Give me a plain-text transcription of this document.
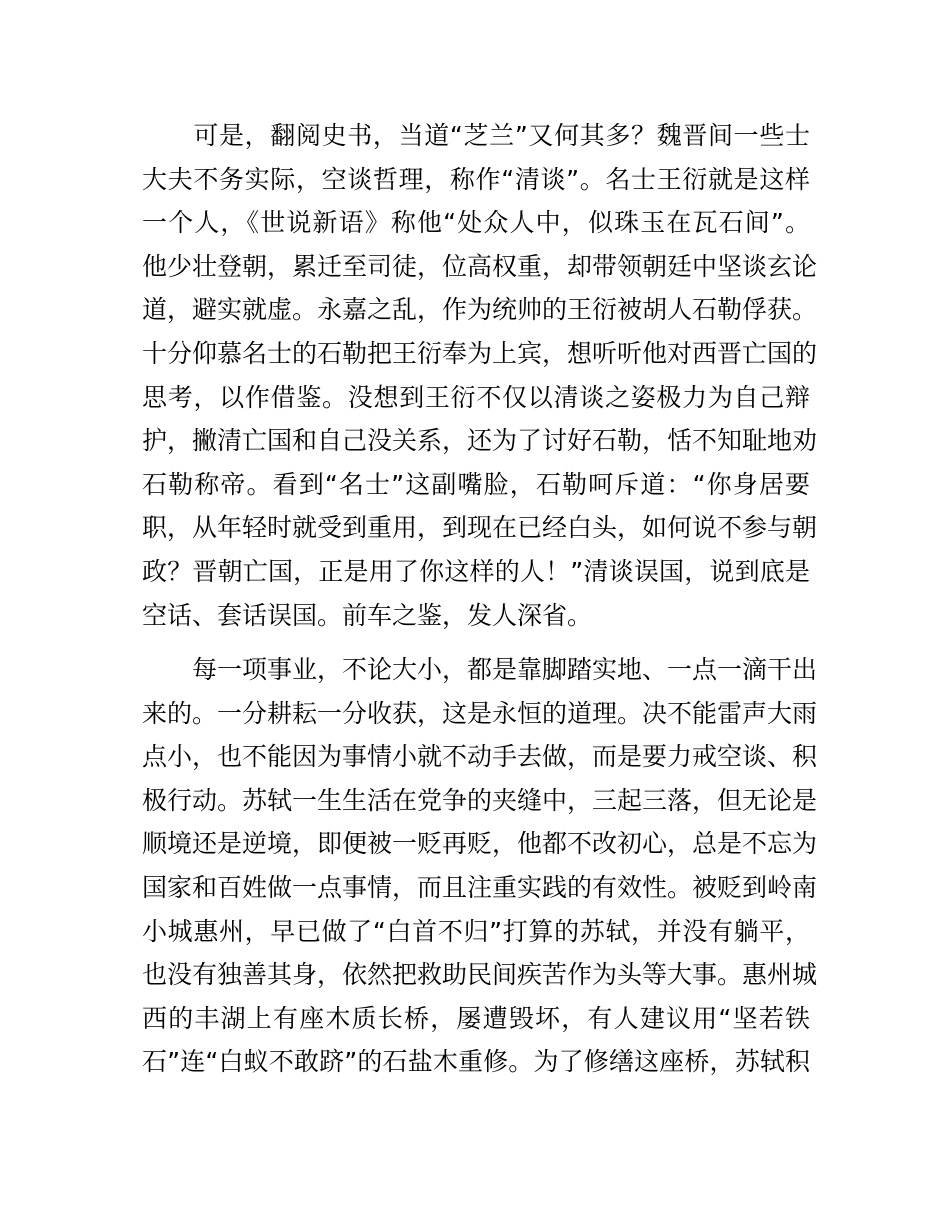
　　可是，翻阅史书，当道“芝兰”又何其多？魏晋间一些士
大夫不务实际，空谈哲理，称作“清谈”。名士王衍就是这样
一个人，《世说新语》称他“处众人中，似珠玉在瓦石间”。
他少壮登朝，累迁至司徒，位高权重，却带领朝廷中坚谈玄论
道，避实就虚。永嘉之乱，作为统帅的王衍被胡人石勒俘获。
十分仰慕名士的石勒把王衍奉为上宾，想听听他对西晋亡国的
思考，以作借鉴。没想到王衍不仅以清谈之姿极力为自己辩
护，撇清亡国和自己没关系，还为了讨好石勒，恬不知耻地劝
石勒称帝。看到“名士”这副嘴脸，石勒呵斥道：“你身居要
职，从年轻时就受到重用，到现在已经白头，如何说不参与朝
政？晋朝亡国，正是用了你这样的人！”清谈误国，说到底是
空话、套话误国。前车之鉴，发人深省。
　　每一项事业，不论大小，都是靠脚踏实地、一点一滴干出
来的。一分耕耘一分收获，这是永恒的道理。决不能雷声大雨
点小，也不能因为事情小就不动手去做，而是要力戒空谈、积
极行动。苏轼一生生活在党争的夹缝中，三起三落，但无论是
顺境还是逆境，即便被一贬再贬，他都不改初心，总是不忘为
国家和百姓做一点事情，而且注重实践的有效性。被贬到岭南
小城惠州，早已做了“白首不归”打算的苏轼，并没有躺平，
也没有独善其身，依然把救助民间疾苦作为头等大事。惠州城
西的丰湖上有座木质长桥，屡遭毁坏，有人建议用“坚若铁
石”连“白蚁不敢跻”的石盐木重修。为了修缮这座桥，苏轼积
